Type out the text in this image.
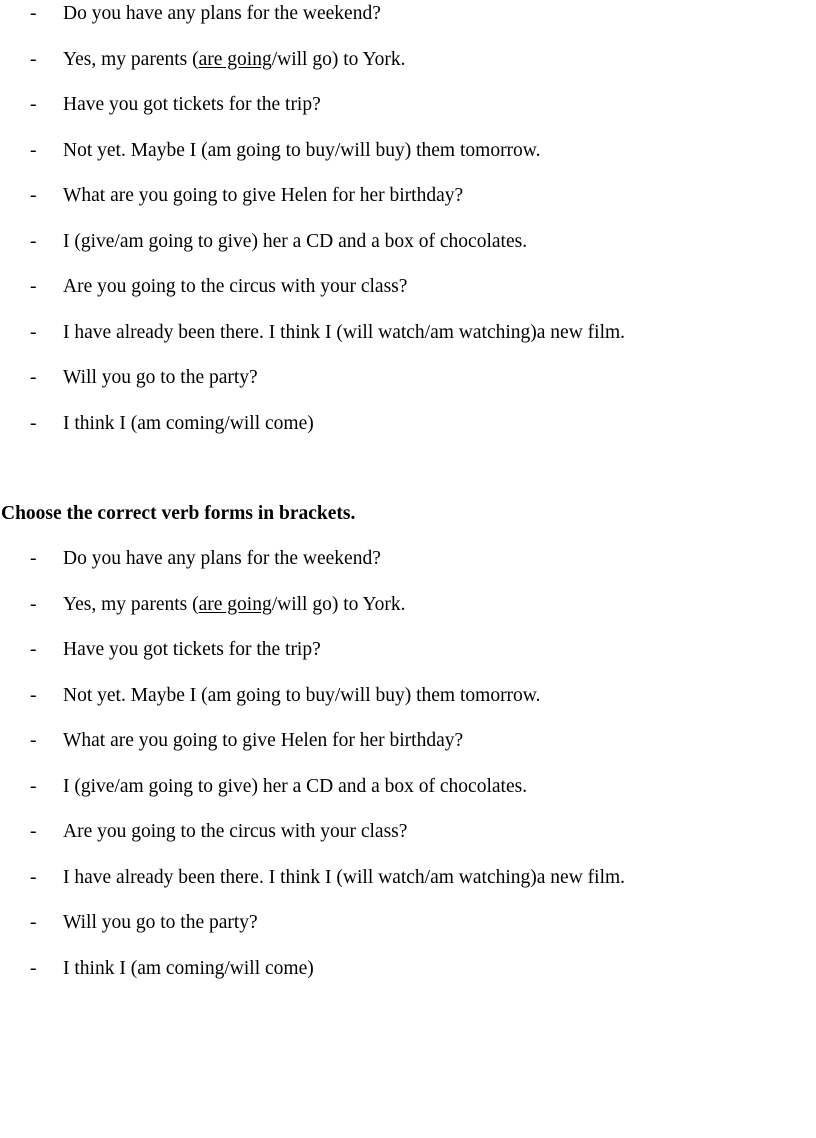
- Do you have any plans for the weekend?
- Yes, my parents (are going/will go) to York.
- Have you got tickets for the trip?
- Not yet. Maybe I (am going to buy/will buy) them tomorrow.
- What are you going to give Helen for her birthday?
- I (give/am going to give) her a CD and a box of chocolates.
- Are you going to the circus with your class?
- I have already been there. I think I (will watch/am watching)a new film.
- Will you go to the party?
- I think I (am coming/will come)
Choose the correct verb forms in brackets.
- Do you have any plans for the weekend?
- Yes, my parents (are going/will go) to York.
- Have you got tickets for the trip?
- Not yet. Maybe I (am going to buy/will buy) them tomorrow.
- What are you going to give Helen for her birthday?
- I (give/am going to give) her a CD and a box of chocolates.
- Are you going to the circus with your class?
- I have already been there. I think I (will watch/am watching)a new film.
- Will you go to the party?
- I think I (am coming/will come)
